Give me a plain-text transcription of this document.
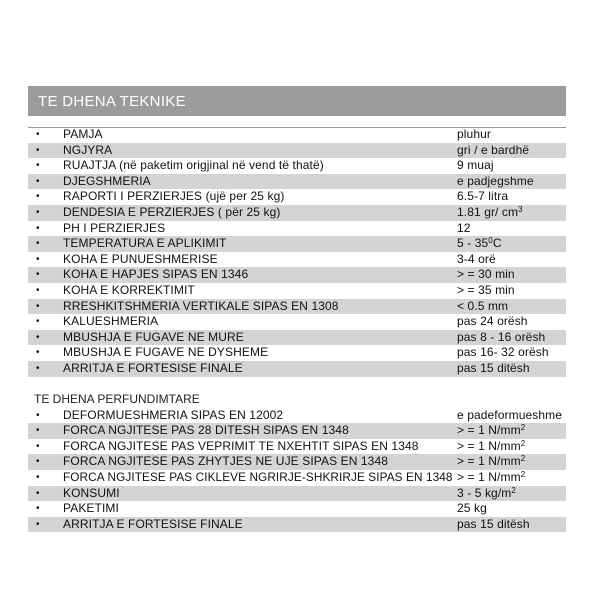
TE DHENA TEKNIKE
• PAMJA	pluhur
• NGJYRA	gri / e bardhë
• RUAJTJA (në paketim origjinal në vend të thatë)	9 muaj
• DJEGSHMERIA	e padjegshme
• RAPORTI I PERZIERJES (ujë per 25 kg)	6.5-7 litra
• DENDESIA E PERZIERJES ( për 25 kg)	1.81 gr/ $cm^3$
• PH I PERZIERJES	12
• TEMPERATURA E APLIKIMIT	$5 - 35^0C$
• KOHA E PUNUESHMERISE	3-4 orë
• KOHA E HAPJES SIPAS EN 1346	> = 30 min
• KOHA E KORREKTIMIT	> = 35 min
• RRESHKITSHMERIA VERTIKALE SIPAS EN 1308	< 0.5 mm
• KALUESHMERIA	pas 24 orësh
• MBUSHJA E FUGAVE NE MURE	pas 8 - 16 orësh
• MBUSHJA E FUGAVE NE DYSHEME	pas 16- 32 orësh
• ARRITJA E FORTESISE FINALE	pas 15 ditësh
TE DHENA PERFUNDIMTARE
• DEFORMUESHMERIA SIPAS EN 12002	e padeformueshme
• FORCA NGJITESE PAS 28 DITESH SIPAS EN 1348	> = 1 $N/mm^2$
• FORCA NGJITESE PAS VEPRIMIT TE NXEHTIT SIPAS EN 1348	> = 1 $N/mm^2$
• FORCA NGJITESE PAS ZHYTJES NE UJE SIPAS EN 1348	> = 1 $N/mm^2$
• FORCA NGJITESE PAS CIKLEVE NGRIRJE-SHKRIRJE SIPAS EN 1348 > = 1 $N/mm^2$
• KONSUMI	3 - 5 $kg/m^2$
• PAKETIMI	25 kg
• ARRITJA E FORTESISE FINALE	pas 15 ditësh
